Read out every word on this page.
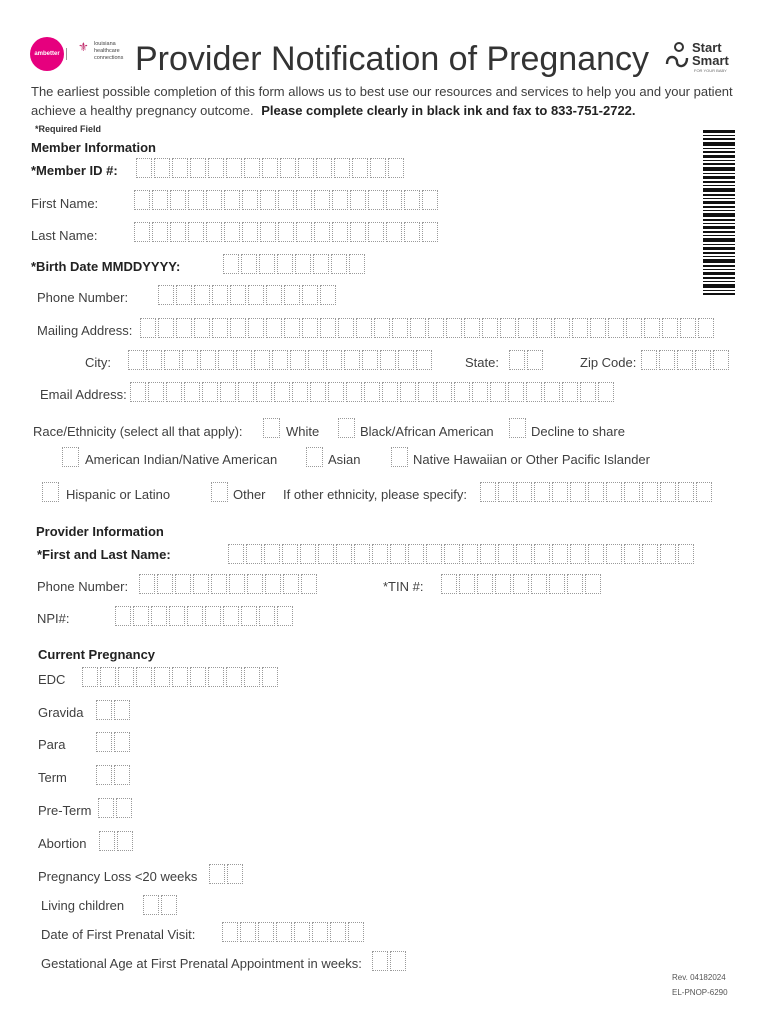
ambetter ⚜ louisiana healthcare connections Provider Notification of Pregnancy	Start
Smart
FOR YOUR BABY
The earliest possible completion of this form allows us to best use our resources and services to help you and your patient
achieve a healthy pregnancy outcome. Please complete clearly in black ink and fax to 833-751-2722.
*Required Field
Member Information
*Member ID #:
First Name:
Last Name:
*Birth Date MMDDYYYY:
Phone Number:
Mailing Address:
City:	State:	Zip Code:
Email Address:
Race/Ethnicity (select all that apply):	White	Black/African American	Decline to share
American Indian/Native American	Asian	Native Hawaiian or Other Pacific Islander
Hispanic or Latino	Other If other ethnicity, please specify:
Provider Information
*First and Last Name:
Phone Number:	*TIN #:
NPI#:
Current Pregnancy
EDC
Gravida
Para
Term
Pre-Term
Abortion
Pregnancy Loss <20 weeks
Living children
Date of First Prenatal Visit:
Gestational Age at First Prenatal Appointment in weeks:
Rev. 04182024
EL-PNOP-6290
